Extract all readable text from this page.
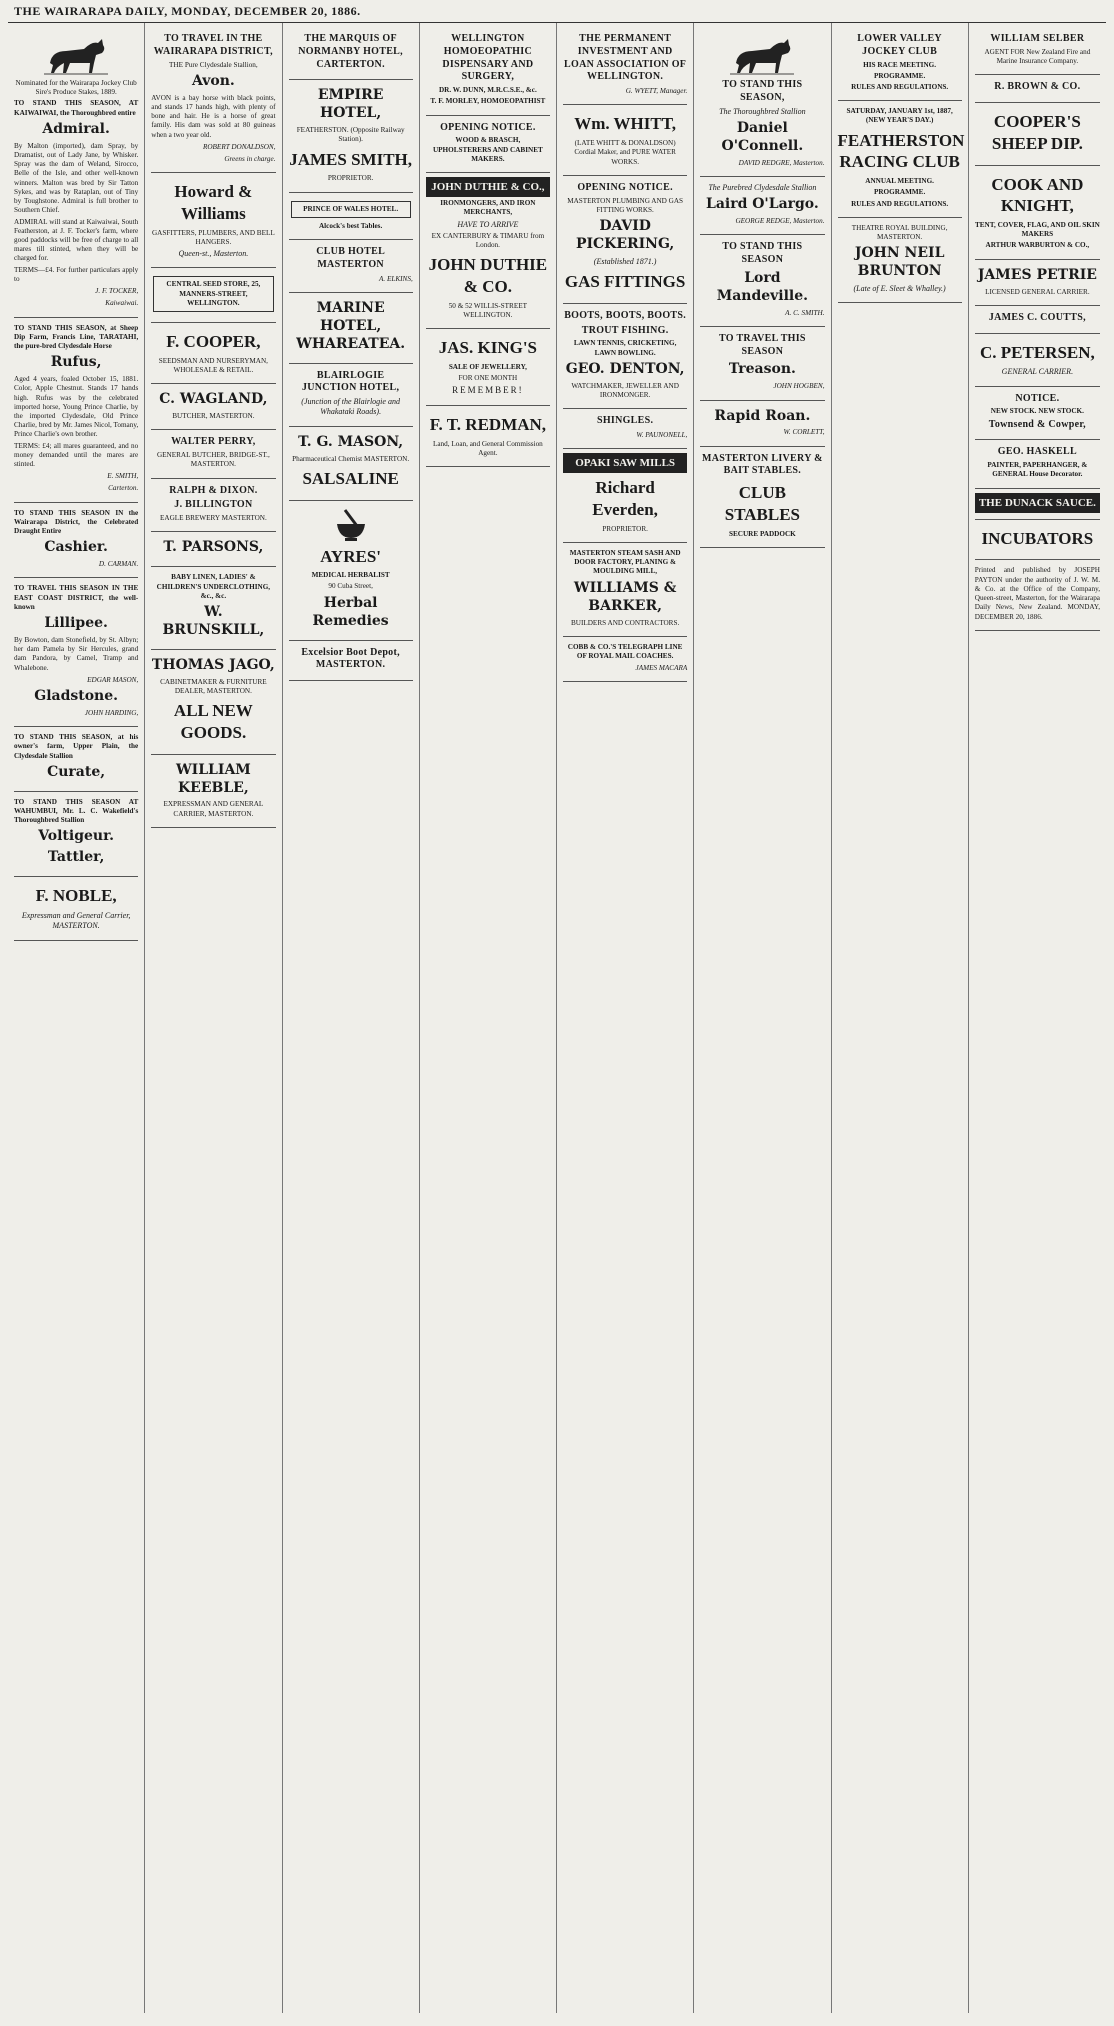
THE WAIRARAPA DAILY, MONDAY, DECEMBER 20, 1886.

Nominated for the Wairarapa Jockey Club Sire's Produce Stakes, 1889.

TO STAND THIS SEASON, AT KAIWAIWAI, the Thoroughbred entire

Admiral.

By Malton (imported), dam Spray, by Dramatist, out of Lady Jane, by Whisker. Spray was the dam of Weland, Sirocco, Belle of the Isle, and other well-known winners. Malton was bred by Sir Tatton Sykes, and was by Rataplan, out of Tiny by Toughstone. Admiral is full brother to Southern Chief.

ADMIRAL will stand at Kaiwaiwai, South Featherston, at J. F. Tocker's farm, where good paddocks will be free of charge to all mares till stinted, when they will be charged for.

TERMS—£4. For further particulars apply to

J. F. TOCKER,

Kaiwaiwai.

TO STAND THIS SEASON, at Sheep Dip Farm, Francis Line, TARATAHI, the pure-bred Clydesdale Horse

Rufus,

Aged 4 years, foaled October 15, 1881. Color, Apple Chestnut. Stands 17 hands high. Rufus was by the celebrated imported horse, Young Prince Charlie, by the imported Clydesdale, Old Prince Charlie, bred by Mr. James Nicol, Tomany, Prince Charlie's own brother.

TERMS: £4; all mares guaranteed, and no money demanded until the mares are stinted.

E. SMITH,

Carterton.

TO STAND THIS SEASON IN the Wairarapa District, the Celebrated Draught Entire

Cashier.

D. CARMAN.

TO TRAVEL THIS SEASON IN THE EAST COAST DISTRICT, the well-known

Lillipee.

By Bowton, dam Stonefield, by St. Albyn; her dam Pamela by Sir Hercules, grand dam Pandora, by Camel, Tramp and Whalebone.

EDGAR MASON,

Gladstone.

JOHN HARDING,

TO STAND THIS SEASON, at his owner's farm, Upper Plain, the Clydesdale Stallion

Curate,

TO STAND THIS SEASON AT WAHUMBUI, Mr. L. C. Wakefield's Thoroughbred Stallion

Voltigeur.
Tattler,

F. NOBLE,

Expressman and General Carrier, MASTERTON.

TO TRAVEL IN THE WAIRARAPA DISTRICT,

THE Pure Clydesdale Stallion,

Avon.

AVON is a bay horse with black points, and stands 17 hands high, with plenty of bone and hair. He is a horse of great family. His dam was sold at 80 guineas when a two year old.

ROBERT DONALDSON,

Greens in charge.

Howard & Williams

GASFITTERS, PLUMBERS, AND BELL HANGERS.

Queen-st., Masterton.

CENTRAL SEED STORE, 25, MANNERS-STREET, WELLINGTON.

F. COOPER,

SEEDSMAN AND NURSERYMAN, WHOLESALE & RETAIL.

C. WAGLAND,

BUTCHER, MASTERTON.

WALTER PERRY,

GENERAL BUTCHER, BRIDGE-ST., MASTERTON.

RALPH & DIXON.
J. BILLINGTON

EAGLE BREWERY MASTERTON.

T. PARSONS,

BABY LINEN, LADIES' & CHILDREN'S UNDERCLOTHING, &c., &c.

W. BRUNSKILL,
THOMAS JAGO,

CABINETMAKER & FURNITURE DEALER, MASTERTON.

ALL NEW GOODS.

WILLIAM KEEBLE,

EXPRESSMAN AND GENERAL CARRIER, MASTERTON.

THE MARQUIS OF NORMANBY HOTEL, CARTERTON.
EMPIRE HOTEL,

FEATHERSTON. (Opposite Railway Station).

JAMES SMITH,

PROPRIETOR.

PRINCE OF WALES HOTEL.

Alcock's best Tables.

CLUB HOTEL MASTERTON

A. ELKINS,

MARINE HOTEL, WHAREATEA.
BLAIRLOGIE JUNCTION HOTEL,

(Junction of the Blairlogie and Whakataki Roads).

T. G. MASON,

Pharmaceutical Chemist MASTERTON.

SALSALINE

AYRES'

MEDICAL HERBALIST

90 Cuba Street,

Herbal Remedies
Excelsior Boot Depot, MASTERTON.
WELLINGTON HOMOEOPATHIC DISPENSARY AND SURGERY,

DR. W. DUNN, M.R.C.S.E., &c.

T. F. MORLEY, HOMOEOPATHIST

OPENING NOTICE.

WOOD & BRASCH, UPHOLSTERERS AND CABINET MAKERS.

JOHN DUTHIE & CO.,

IRONMONGERS, AND IRON MERCHANTS,

HAVE TO ARRIVE

EX CANTERBURY & TIMARU from London.

JOHN DUTHIE & CO.

50 & 52 WILLIS-STREET WELLINGTON.

JAS. KING'S

SALE OF JEWELLERY,

FOR ONE MONTH

REMEMBER!

F. T. REDMAN,

Land, Loan, and General Commission Agent.

THE PERMANENT INVESTMENT AND LOAN ASSOCIATION OF WELLINGTON.

G. WYETT, Manager.

Wm. WHITT,

(LATE WHITT & DONALDSON) Cordial Maker, and PURE WATER WORKS.

OPENING NOTICE.

MASTERTON PLUMBING AND GAS FITTING WORKS.

DAVID PICKERING,

(Established 1871.)

GAS FITTINGS

BOOTS, BOOTS, BOOTS.
TROUT FISHING.

LAWN TENNIS, CRICKETING, LAWN BOWLING.

GEO. DENTON,

WATCHMAKER, JEWELLER AND IRONMONGER.

SHINGLES.

W. PAUNONELL,

OPAKI SAW MILLS

Richard Everden,

PROPRIETOR.

MASTERTON STEAM SASH AND DOOR FACTORY, PLANING & MOULDING MILL,

WILLIAMS & BARKER,

BUILDERS AND CONTRACTORS.

COBB & CO.'S TELEGRAPH LINE OF ROYAL MAIL COACHES.

JAMES MACARA

TO STAND THIS SEASON,

The Thoroughbred Stallion

Daniel O'Connell.

DAVID REDGRE, Masterton.

The Purebred Clydesdale Stallion

Laird O'Largo.

GEORGE REDGE, Masterton.

TO STAND THIS SEASON
Lord Mandeville.

A. C. SMITH.

TO TRAVEL THIS SEASON
Treason.

JOHN HOGBEN,

Rapid Roan.

W. CORLETT,

MASTERTON LIVERY & BAIT STABLES.

CLUB STABLES

SECURE PADDOCK

LOWER VALLEY JOCKEY CLUB

HIS RACE MEETING.

PROGRAMME.

RULES AND REGULATIONS.

SATURDAY, JANUARY 1st, 1887, (NEW YEAR'S DAY.)

FEATHERSTON RACING CLUB

ANNUAL MEETING.

PROGRAMME.

RULES AND REGULATIONS.

THEATRE ROYAL BUILDING, MASTERTON.

JOHN NEIL BRUNTON

(Late of E. Sleet & Whalley.)

WILLIAM SELBER

AGENT FOR New Zealand Fire and Marine Insurance Company.

R. BROWN & CO.

COOPER'S SHEEP DIP.

COOK AND KNIGHT,

TENT, COVER, FLAG, AND OIL SKIN MAKERS

ARTHUR WARBURTON & CO.,

JAMES PETRIE

LICENSED GENERAL CARRIER.

JAMES C. COUTTS,

C. PETERSEN,

GENERAL CARRIER.

NOTICE.

NEW STOCK. NEW STOCK.

Townsend & Cowper,
GEO. HASKELL

PAINTER, PAPERHANGER, & GENERAL House Decorator.

THE DUNACK SAUCE.

INCUBATORS

Printed and published by JOSEPH PAYTON under the authority of J. W. M. & Co. at the Office of the Company, Queen-street, Masterton, for the Wairarapa Daily News, New Zealand. MONDAY, DECEMBER 20, 1886.
